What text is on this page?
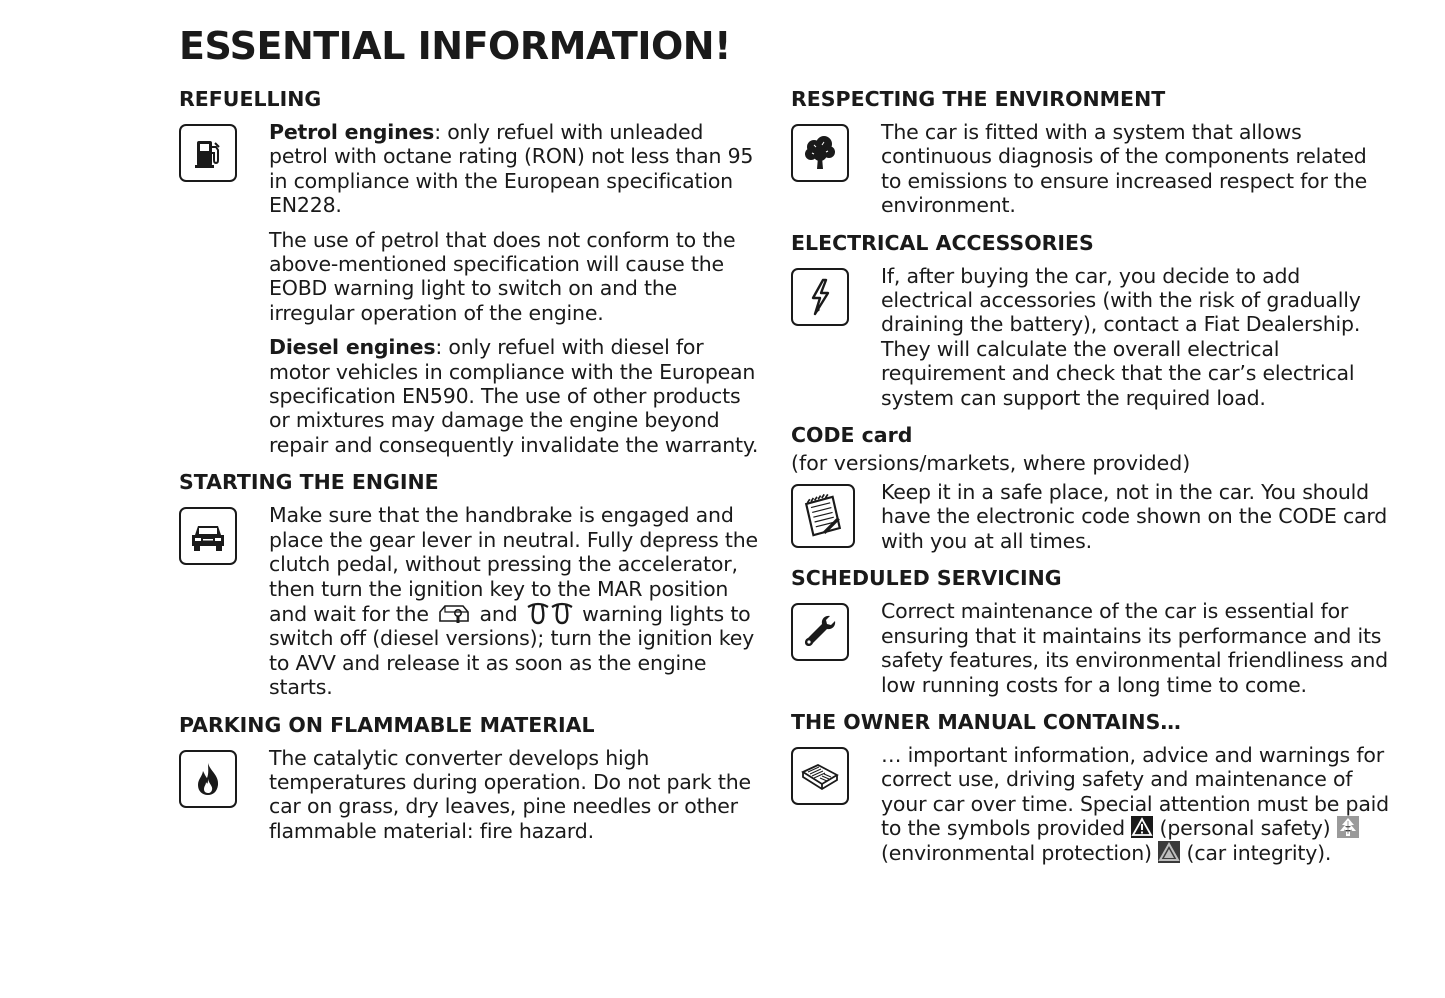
ESSENTIAL INFORMATION!
REFUELLING

Petrol engines: only refuel with unleaded petrol with octane rating (RON) not less than 95 in compliance with the European specification EN228.

The use of petrol that does not conform to the above-mentioned specification will cause the EOBD warning light to switch on and the irregular operation of the engine.

Diesel engines: only refuel with diesel for motor vehicles in compliance with the European specification EN590. The use of other products or mixtures may damage the engine beyond repair and consequently invalidate the warranty.

STARTING THE ENGINE

Make sure that the handbrake is engaged and place the gear lever in neutral. Fully depress the clutch pedal, without pressing the accelerator, then turn the ignition key to the MAR position and wait for the and	warning lights to switch off (diesel versions); turn the ignition key to AVV and release it as soon as the engine starts.

PARKING ON FLAMMABLE MATERIAL

The catalytic converter develops high temperatures during operation. Do not park the car on grass, dry leaves, pine needles or other flammable material: fire hazard.

RESPECTING THE ENVIRONMENT

The car is fitted with a system that allows continuous diagnosis of the components related to emissions to ensure increased respect for the environment.

ELECTRICAL ACCESSORIES

If, after buying the car, you decide to add electrical accessories (with the risk of gradually draining the battery), contact a Fiat Dealership. They will calculate the overall electrical requirement and check that the car’s electrical system can support the required load.

CODE card
(for versions/markets, where provided)

Keep it in a safe place, not in the car. You should have the electronic code shown on the CODE card with you at all times.

SCHEDULED SERVICING

Correct maintenance of the car is essential for ensuring that it maintains its performance and its safety features, its environmental friendliness and low running costs for a long time to come.

THE OWNER MANUAL CONTAINS…

… important information, advice and warnings for correct use, driving safety and maintenance of your car over time. Special attention must be paid to the symbols provided (personal safety)  (environmental protection) (car integrity).
